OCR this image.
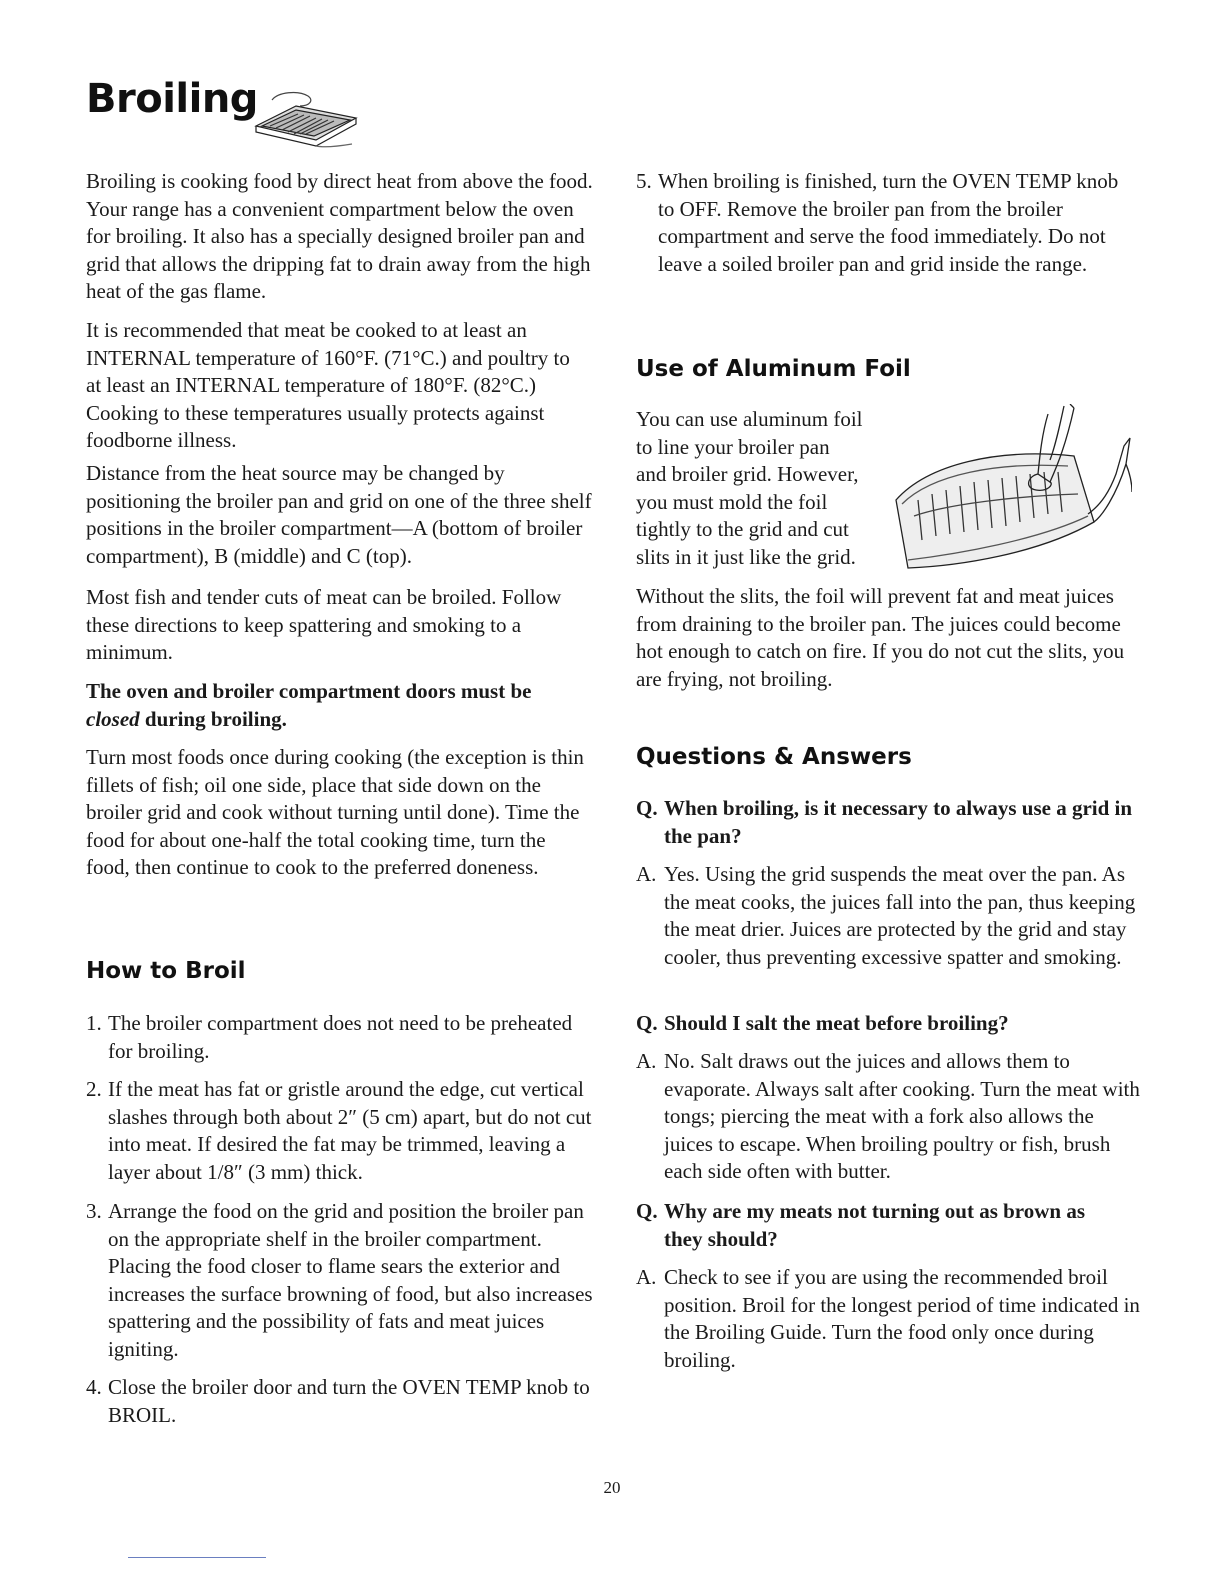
Broiling

Broiling is cooking food by direct heat from above the food. Your range has a convenient compartment below the oven for broiling. It also has a specially designed broiler pan and grid that allows the dripping fat to drain away from the high heat of the gas flame.

It is recommended that meat be cooked to at least an INTERNAL temperature of 160°F. (71°C.) and poultry to at least an INTERNAL temperature of 180°F. (82°C.) Cooking to these temperatures usually protects against foodborne illness.

Distance from the heat source may be changed by positioning the broiler pan and grid on one of the three shelf positions in the broiler compartment—A (bottom of broiler compartment), B (middle) and C (top).

Most fish and tender cuts of meat can be broiled. Follow these directions to keep spattering and smoking to a minimum.

The oven and broiler compartment doors must be closed during broiling.

Turn most foods once during cooking (the exception is thin fillets of fish; oil one side, place that side down on the broiler grid and cook without turning until done). Time the food for about one-half the total cooking time, turn the food, then continue to cook to the preferred doneness.

How to Broil
1. The broiler compartment does not need to be preheated for broiling.
2. If the meat has fat or gristle around the edge, cut vertical slashes through both about 2″ (5 cm) apart, but do not cut into meat. If desired the fat may be trimmed, leaving a layer about 1/8″ (3 mm) thick.
3. Arrange the food on the grid and position the broiler pan on the appropriate shelf in the broiler compartment. Placing the food closer to flame sears the exterior and increases the surface browning of food, but also increases spattering and the possibility of fats and meat juices igniting.
4. Close the broiler door and turn the OVEN TEMP knob to BROIL.
5. When broiling is finished, turn the OVEN TEMP knob to OFF. Remove the broiler pan from the broiler compartment and serve the food immediately. Do not leave a soiled broiler pan and grid inside the range.
Use of Aluminum Foil
You can use aluminum foil
to line your broiler pan
and broiler grid. However,
you must mold the foil
tightly to the grid and cut
slits in it just like the grid.

Without the slits, the foil will prevent fat and meat juices from draining to the broiler pan. The juices could become hot enough to catch on fire. If you do not cut the slits, you are frying, not broiling.

Questions & Answers
Q. When broiling, is it necessary to always use a grid in the pan?
A. Yes. Using the grid suspends the meat over the pan. As the meat cooks, the juices fall into the pan, thus keeping the meat drier. Juices are protected by the grid and stay cooler, thus preventing excessive spatter and smoking.
Q. Should I salt the meat before broiling?
A. No. Salt draws out the juices and allows them to evaporate. Always salt after cooking. Turn the meat with tongs; piercing the meat with a fork also allows the juices to escape. When broiling poultry or fish, brush each side often with butter.
Q. Why are my meats not turning out as brown as they should?
A. Check to see if you are using the recommended broil position. Broil for the longest period of time indicated in the Broiling Guide. Turn the food only once during broiling.
20
